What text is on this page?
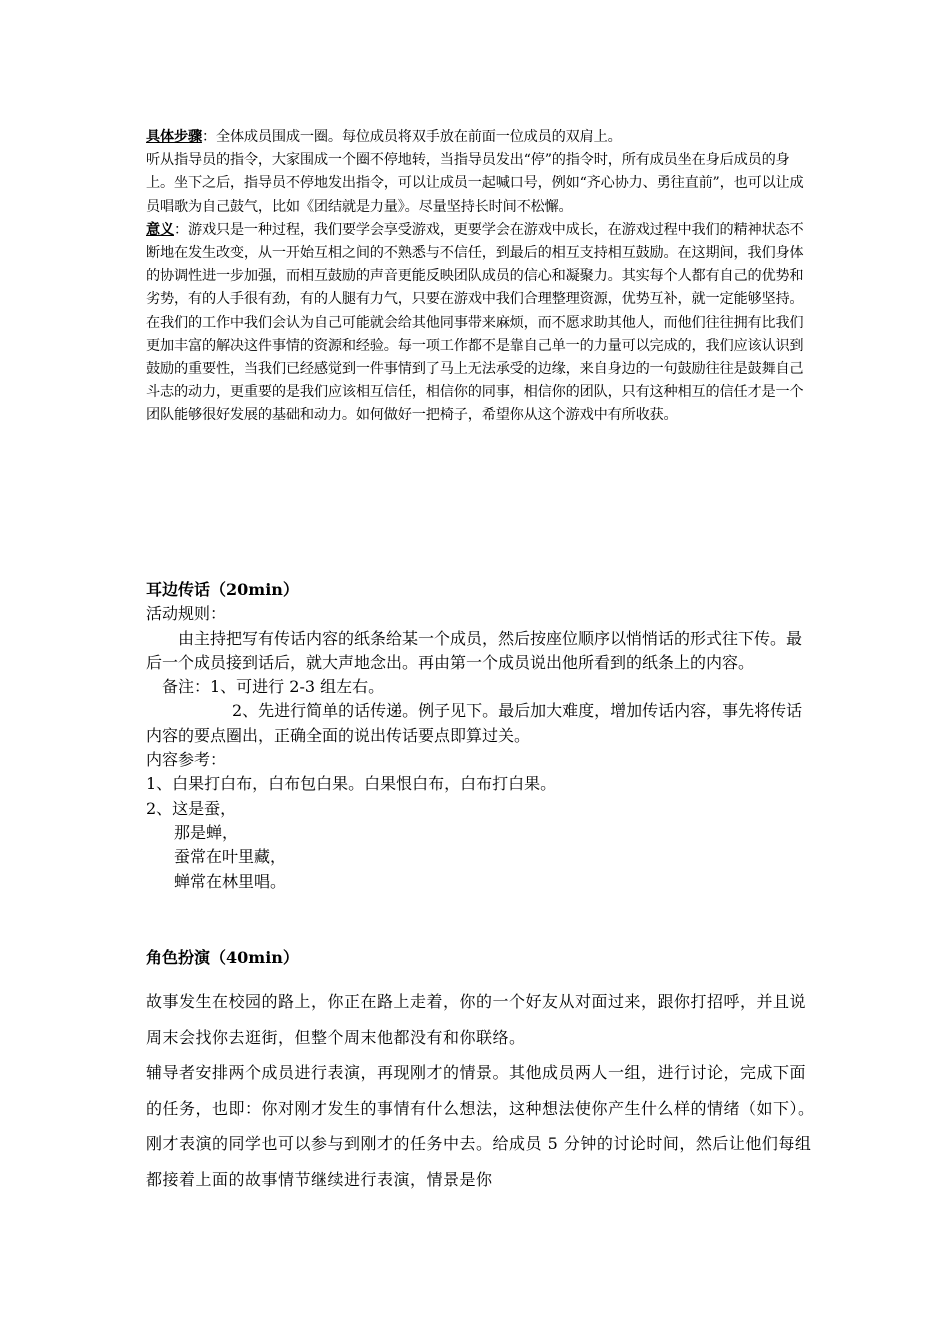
具体步骤：全体成员围成一圈。每位成员将双手放在前面一位成员的双肩上。

听从指导员的指令，大家围成一个圈不停地转，当指导员发出“停”的指令时，所有成员坐在身后成员的身上。坐下之后，指导员不停地发出指令，可以让成员一起喊口号，例如“齐心协力、勇往直前”，也可以让成员唱歌为自己鼓气，比如《团结就是力量》。尽量坚持长时间不松懈。

意义：游戏只是一种过程，我们要学会享受游戏，更要学会在游戏中成长，在游戏过程中我们的精神状态不断地在发生改变，从一开始互相之间的不熟悉与不信任，到最后的相互支持相互鼓励。在这期间，我们身体的协调性进一步加强，而相互鼓励的声音更能反映团队成员的信心和凝聚力。其实每个人都有自己的优势和劣势，有的人手很有劲，有的人腿有力气，只要在游戏中我们合理整理资源，优势互补，就一定能够坚持。

在我们的工作中我们会认为自己可能就会给其他同事带来麻烦，而不愿求助其他人，而他们往往拥有比我们更加丰富的解决这件事情的资源和经验。每一项工作都不是靠自己单一的力量可以完成的，我们应该认识到鼓励的重要性，当我们已经感觉到一件事情到了马上无法承受的边缘，来自身边的一句鼓励往往是鼓舞自己斗志的动力，更重要的是我们应该相互信任，相信你的同事，相信你的团队，只有这种相互的信任才是一个团队能够很好发展的基础和动力。如何做好一把椅子，希望你从这个游戏中有所收获。

耳边传话（20min）

活动规则：

由主持把写有传话内容的纸条给某一个成员，然后按座位顺序以悄悄话的形式往下传。最后一个成员接到话后，就大声地念出。再由第一个成员说出他所看到的纸条上的内容。

备注：1、可进行 2-3 组左右。

2、先进行简单的话传递。例子见下。最后加大难度，增加传话内容，事先将传话内容的要点圈出，正确全面的说出传话要点即算过关。

内容参考：

1、白果打白布，白布包白果。白果恨白布，白布打白果。

2、这是蚕，

那是蝉，

蚕常在叶里藏，

蝉常在林里唱。

角色扮演（40min）

故事发生在校园的路上，你正在路上走着，你的一个好友从对面过来，跟你打招呼，并且说周末会找你去逛街，但整个周末他都没有和你联络。

辅导者安排两个成员进行表演，再现刚才的情景。其他成员两人一组，进行讨论，完成下面的任务，也即：你对刚才发生的事情有什么想法，这种想法使你产生什么样的情绪（如下）。刚才表演的同学也可以参与到刚才的任务中去。给成员 5 分钟的讨论时间，然后让他们每组都接着上面的故事情节继续进行表演，情景是你
